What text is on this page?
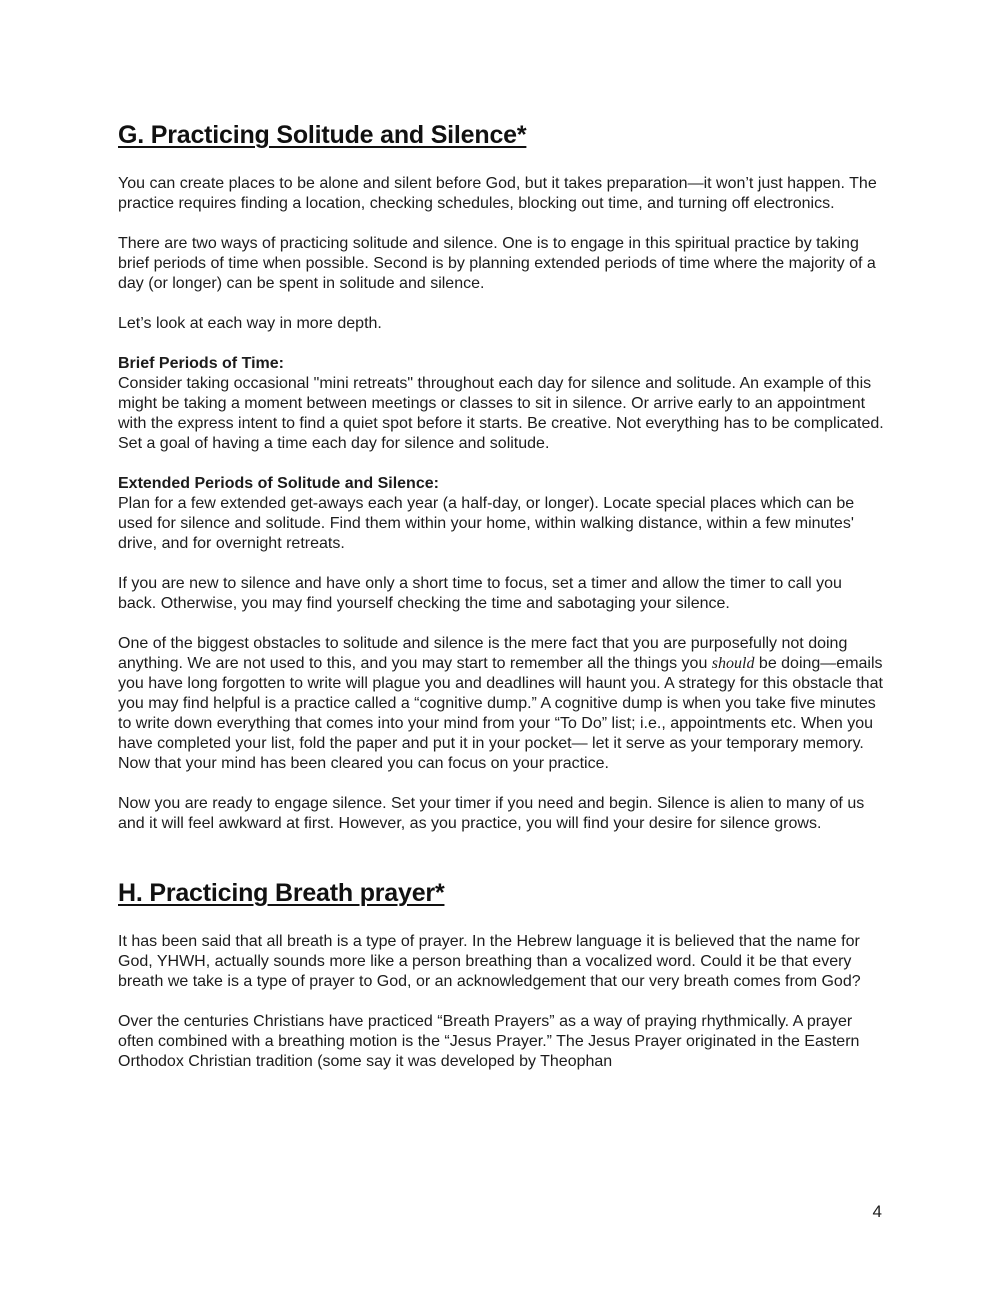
G. Practicing Solitude and Silence*

You can create places to be alone and silent before God, but it takes preparation—it won’t just happen. The practice requires finding a location, checking schedules, blocking out time, and turning off electronics.

There are two ways of practicing solitude and silence. One is to engage in this spiritual practice by taking brief periods of time when possible. Second is by planning extended periods of time where the majority of a day (or longer) can be spent in solitude and silence.

Let’s look at each way in more depth.

Brief Periods of Time:

Consider taking occasional "mini retreats" throughout each day for silence and solitude. An example of this might be taking a moment between meetings or classes to sit in silence. Or arrive early to an appointment with the express intent to find a quiet spot before it starts. Be creative. Not everything has to be complicated. Set a goal of having a time each day for silence and solitude.

Extended Periods of Solitude and Silence:

Plan for a few extended get-aways each year (a half-day, or longer). Locate special places which can be used for silence and solitude. Find them within your home, within walking distance, within a few minutes' drive, and for overnight retreats.

If you are new to silence and have only a short time to focus, set a timer and allow the timer to call you back. Otherwise, you may find yourself checking the time and sabotaging your silence.

One of the biggest obstacles to solitude and silence is the mere fact that you are purposefully not doing anything. We are not used to this, and you may start to remember all the things you should be doing—emails you have long forgotten to write will plague you and deadlines will haunt you. A strategy for this obstacle that you may find helpful is a practice called a “cognitive dump.” A cognitive dump is when you take five minutes to write down everything that comes into your mind from your “To Do” list; i.e., appointments etc. When you have completed your list, fold the paper and put it in your pocket— let it serve as your temporary memory. Now that your mind has been cleared you can focus on your practice.

Now you are ready to engage silence. Set your timer if you need and begin. Silence is alien to many of us and it will feel awkward at first. However, as you practice, you will find your desire for silence grows.

H. Practicing Breath prayer*

It has been said that all breath is a type of prayer. In the Hebrew language it is believed that the name for God, YHWH, actually sounds more like a person breathing than a vocalized word. Could it be that every breath we take is a type of prayer to God, or an acknowledgement that our very breath comes from God?

Over the centuries Christians have practiced “Breath Prayers” as a way of praying rhythmically. A prayer often combined with a breathing motion is the “Jesus Prayer.” The Jesus Prayer originated in the Eastern Orthodox Christian tradition (some say it was developed by Theophan

4
